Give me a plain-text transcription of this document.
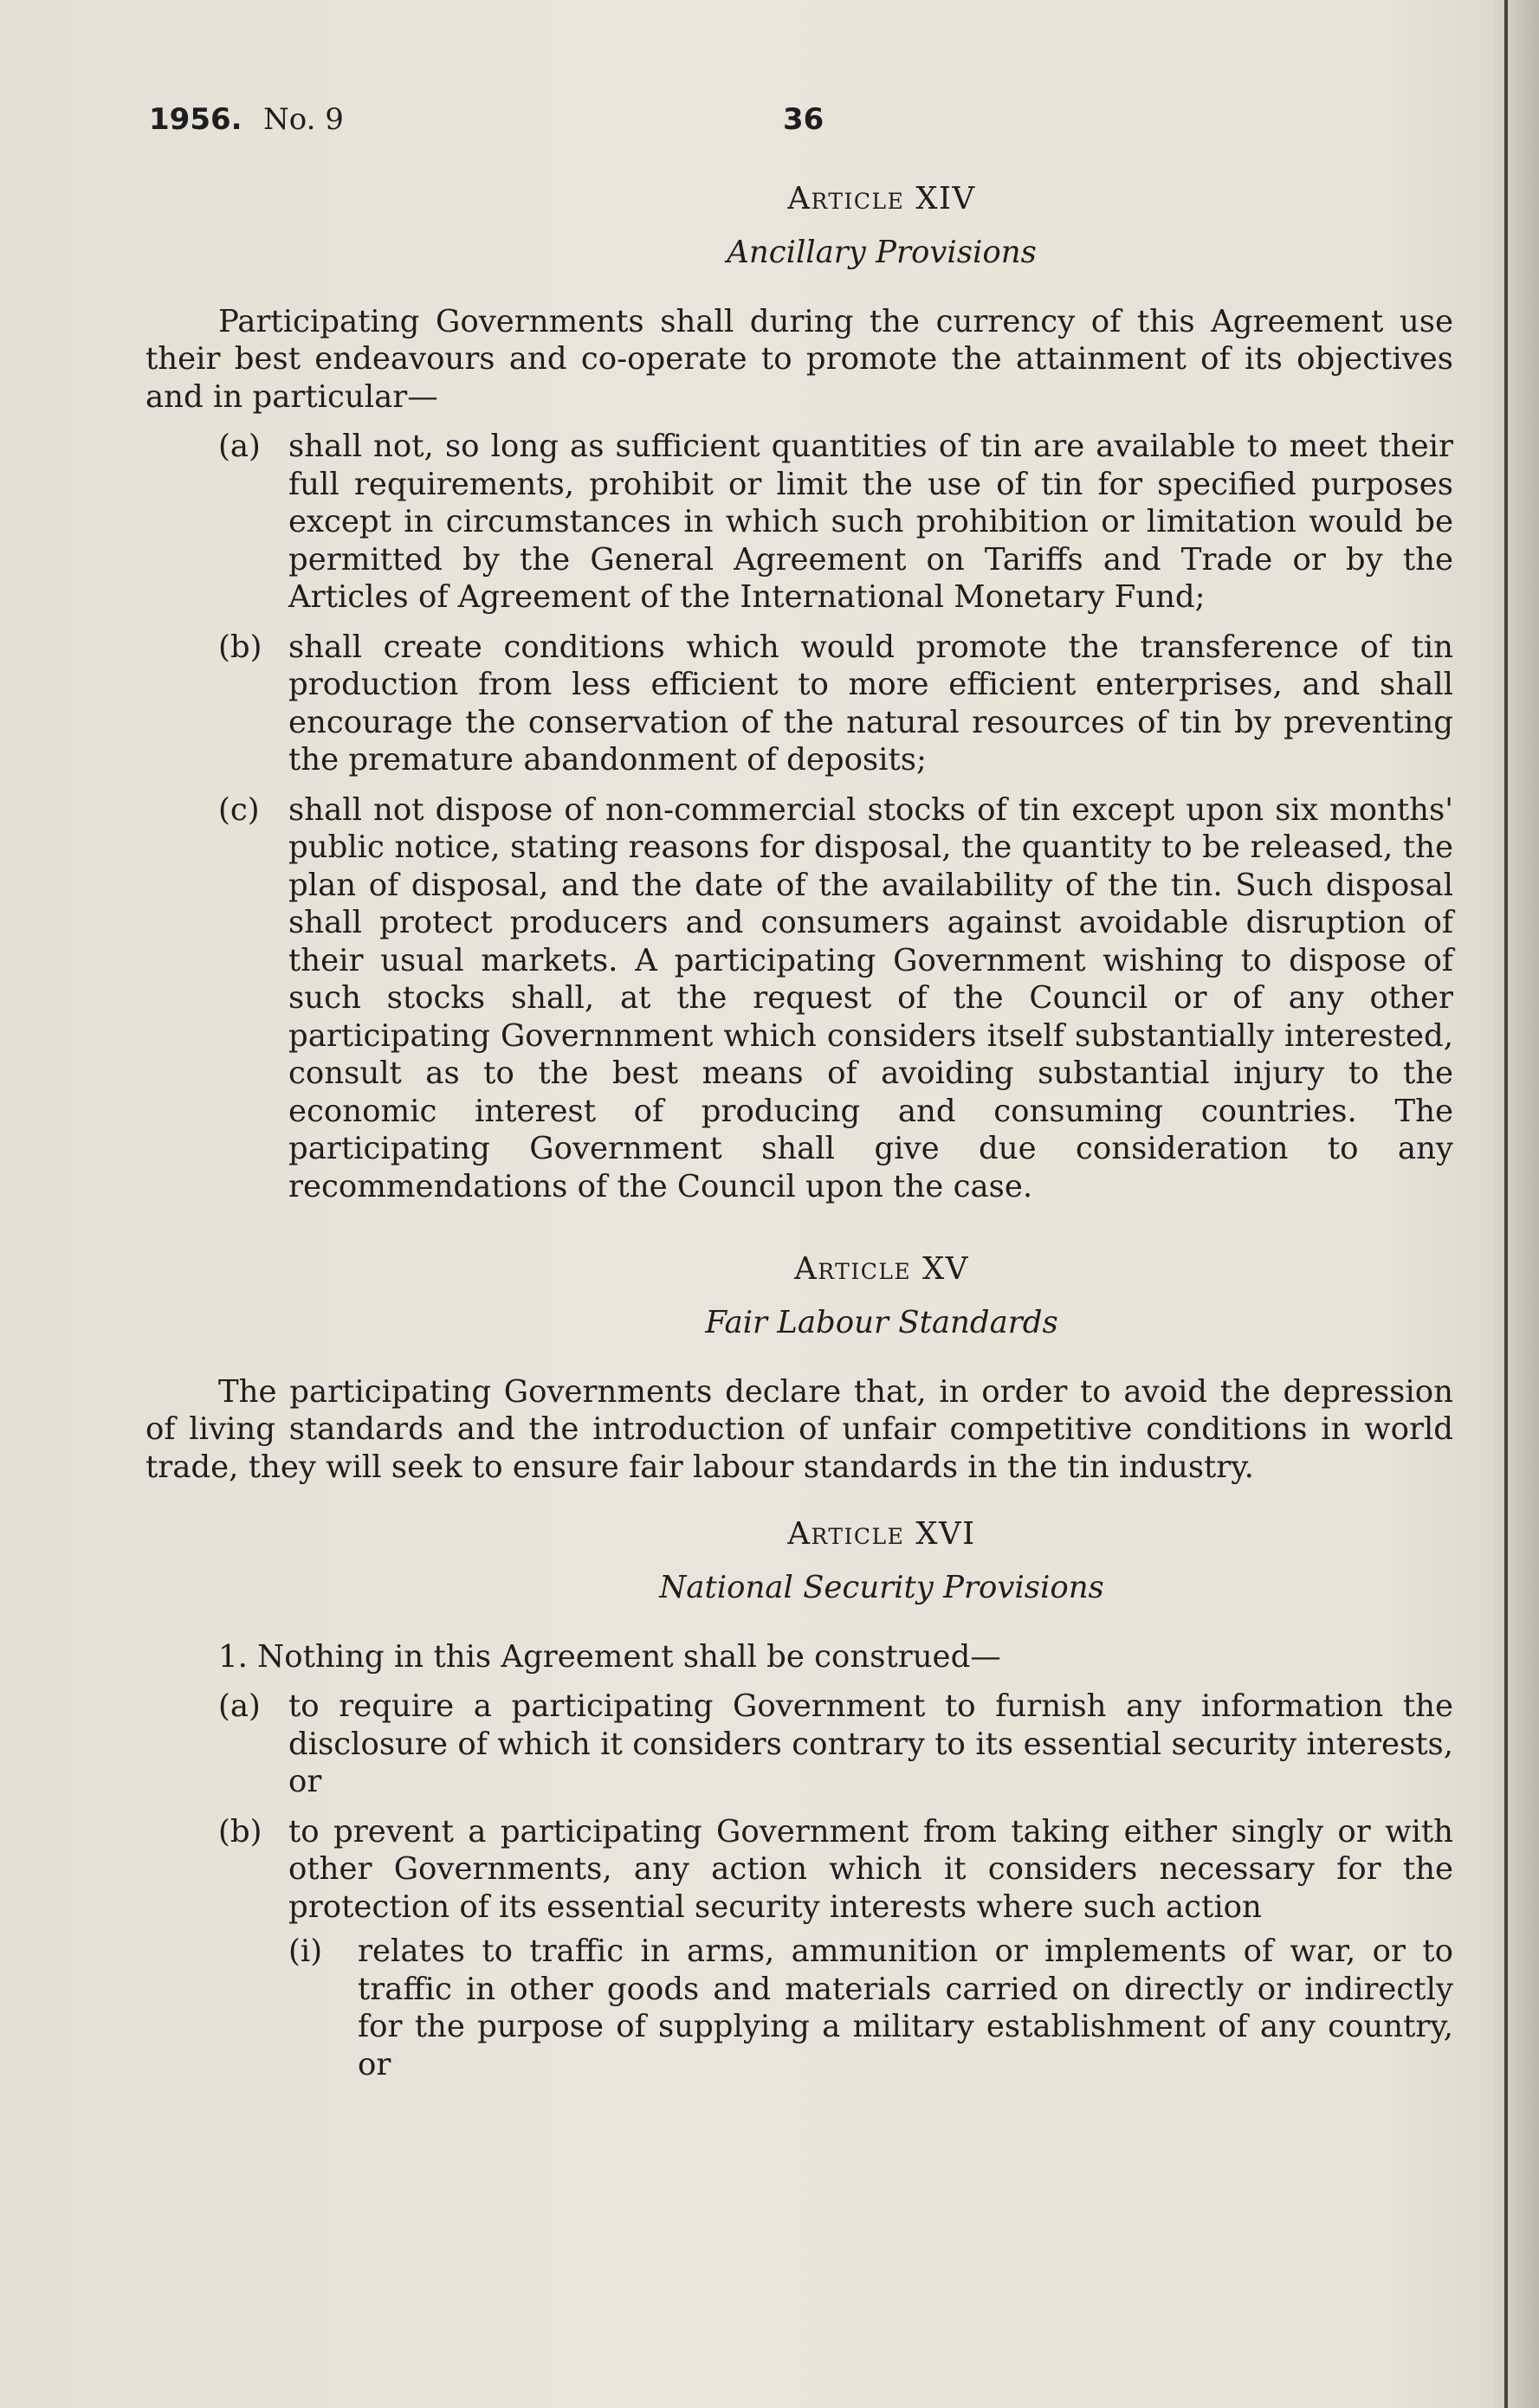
1956. No. 9	36
Article XIV
Ancillary Provisions

Participating Governments shall during the currency of this Agreement use their best endeavours and co-operate to promote the attainment of its objectives and in particular—

(a) shall not, so long as sufficient quantities of tin are available to meet their full requirements, prohibit or limit the use of tin for specified purposes except in circumstances in which such prohibition or limitation would be permitted by the General Agreement on Tariffs and Trade or by the Articles of Agreement of the International Monetary Fund;
(b) shall create conditions which would promote the transference of tin production from less efficient to more efficient enterprises, and shall encourage the conservation of the natural resources of tin by preventing the premature abandonment of deposits;
(c) shall not dispose of non-commercial stocks of tin except upon six months' public notice, stating reasons for disposal, the quantity to be released, the plan of disposal, and the date of the availability of the tin. Such disposal shall protect producers and consumers against avoidable disruption of their usual markets. A participating Government wishing to dispose of such stocks shall, at the request of the Council or of any other participating Governnment which considers itself substantially interested, consult as to the best means of avoiding substantial injury to the economic interest of producing and consuming countries. The participating Government shall give due consideration to any recommendations of the Council upon the case.
Article XV
Fair Labour Standards

The participating Governments declare that, in order to avoid the depression of living standards and the introduction of unfair competitive conditions in world trade, they will seek to ensure fair labour standards in the tin industry.

Article XVI
National Security Provisions

1. Nothing in this Agreement shall be construed—

(a) to require a participating Government to furnish any information the disclosure of which it considers contrary to its essential security interests, or
(b) to prevent a participating Government from taking either singly or with other Governments, any action which it considers necessary for the protection of its essential security interests where such action
(i) relates to traffic in arms, ammunition or implements of war, or to traffic in other goods and materials carried on directly or indirectly for the purpose of supplying a military establishment of any country, or
